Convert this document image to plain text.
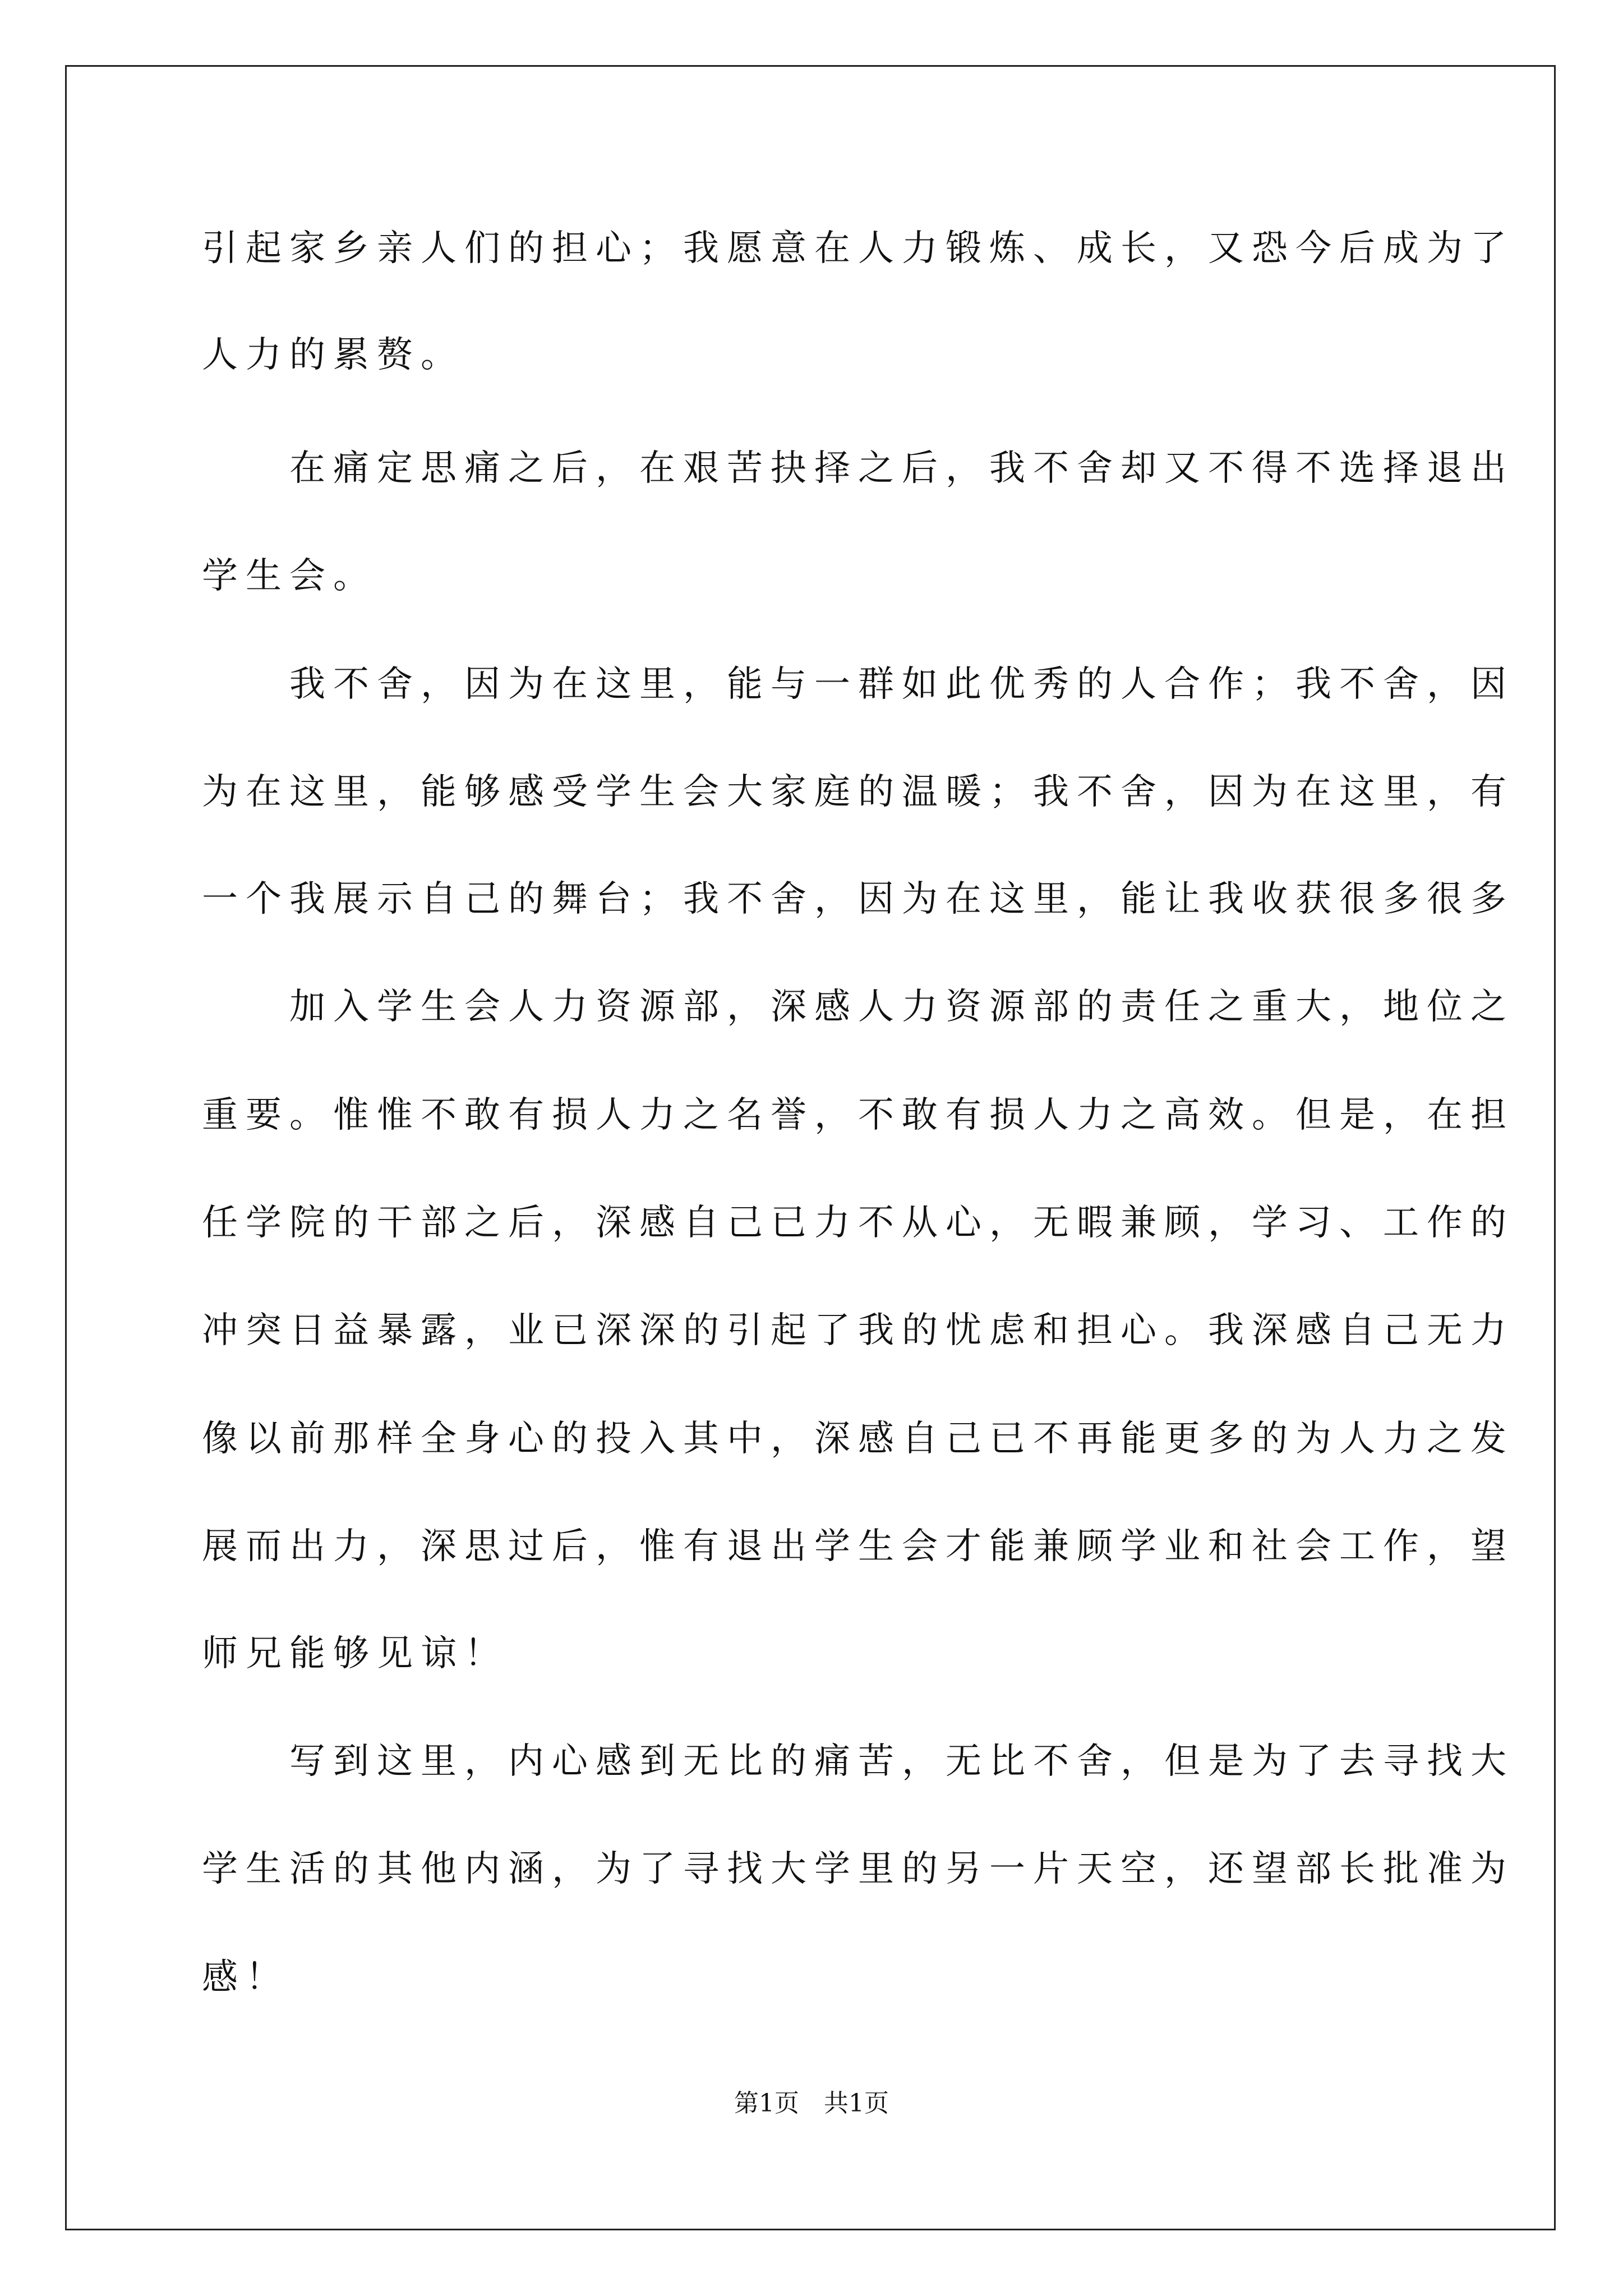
引起家乡亲人们的担心；我愿意在人力锻炼、成长，又恐今后成为了
人力的累赘。
　　在痛定思痛之后，在艰苦抉择之后，我不舍却又不得不选择退出
学生会。
　　我不舍，因为在这里，能与一群如此优秀的人合作；我不舍，因
为在这里，能够感受学生会大家庭的温暖；我不舍，因为在这里，有
一个我展示自己的舞台；我不舍，因为在这里，能让我收获很多很多
　　加入学生会人力资源部，深感人力资源部的责任之重大，地位之
重要。惟惟不敢有损人力之名誉，不敢有损人力之高效。但是，在担
任学院的干部之后，深感自己已力不从心，无暇兼顾，学习、工作的
冲突日益暴露，业已深深的引起了我的忧虑和担心。我深感自己无力
像以前那样全身心的投入其中，深感自己已不再能更多的为人力之发
展而出力，深思过后，惟有退出学生会才能兼顾学业和社会工作，望
师兄能够见谅！
　　写到这里，内心感到无比的痛苦，无比不舍，但是为了去寻找大
学生活的其他内涵，为了寻找大学里的另一片天空，还望部长批准为
感！
第1页　共1页
